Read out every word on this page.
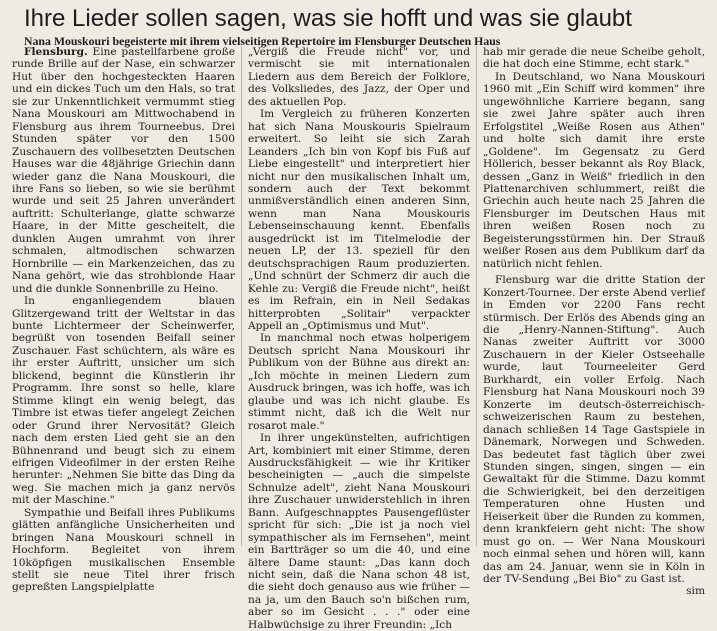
Ihre Lieder sollen sagen, was sie hofft und was sie glaubt
Nana Mouskouri begeisterte mit ihrem vielseitigen Repertoire im Flensburger Deutschen Haus

Flensburg. Eine pastellfarbene große runde Brille auf der Nase, ein schwarzer Hut über den hochgesteckten Haaren und ein dickes Tuch um den Hals, so trat sie zur Unkenntlichkeit vermummt stieg Nana Mouskouri am Mittwochabend in Flensburg aus ihrem Tourneebus. Drei Stunden später vor den 1500 Zuschauern des vollbesetzten Deutschen Hauses war die 48jährige Griechin dann wieder ganz die Nana Mouskouri, die ihre Fans so lieben, so wie sie berühmt wurde und seit 25 Jahren unverändert auftritt: Schulterlange, glatte schwarze Haare, in der Mitte gescheitelt, die dunklen Augen umrahmt von ihrer schmalen, altmodischen schwarzen Hornbrille — ein Markenzeichen, das zu Nana gehört, wie das strohblonde Haar und die dunkle Sonnenbrille zu Heino.

In enganliegendem blauen Glitzergewand tritt der Weltstar in das bunte Lichtermeer der Scheinwerfer, begrüßt von tosenden Beifall seiner Zuschauer. Fast schüchtern, als wäre es ihr erster Auftritt, unsicher um sich blickend, beginnt die Künstlerin ihr Programm. Ihre sonst so helle, klare Stimme klingt ein wenig belegt, das Timbre ist etwas tiefer angelegt Zeichen oder Grund ihrer Nervosität? Gleich nach dem ersten Lied geht sie an den Bühnenrand und beugt sich zu einem eifrigen Videofilmer in der ersten Reihe herunter: „Nehmen Sie bitte das Ding da weg. Sie machen mich ja ganz nervös mit der Maschine."

Sympathie und Beifall ihres Publikums glätten anfängliche Unsicherheiten und bringen Nana Mouskouri schnell in Hochform. Begleitet von ihrem 10köpfigen musikalischen Ensemble stellt sie neue Titel ihrer frisch gepreßten Langspielplatte

„Vergiß die Freude nicht" vor, und vermischt sie mit internationalen Liedern aus dem Bereich der Folklore, des Volksliedes, des Jazz, der Oper und des aktuellen Pop.

Im Vergleich zu früheren Konzerten hat sich Nana Mouskouris Spielraum erweitert. So leiht sie sich Zarah Leanders „Ich bin von Kopf bis Fuß auf Liebe eingestellt" und interpretiert hier nicht nur den musikalischen Inhalt um, sondern auch der Text bekommt unmißverständlich einen anderen Sinn, wenn man Nana Mouskouris Lebenseinschauung kennt. Ebenfalls ausgedrückt ist im Titelmelodie der neuen LP, der 13. speziell für den deutschsprachigen Raum produzierten. „Und schnürt der Schmerz dir auch die Kehle zu: Vergiß die Freude nicht", heißt es im Refrain, ein in Neil Sedakas hitterprobten „Solitair" verpackter Appell an „Optimismus und Mut".

In manchmal noch etwas holperigem Deutsch spricht Nana Mouskouri ihr Publikum von der Bühne aus direkt an: „Ich möchte in meinen Liedern zum Ausdruck bringen, was ich hoffe, was ich glaube und was ich nicht glaube. Es stimmt nicht, daß ich die Welt nur rosarot male."

In ihrer ungekünstelten, aufrichtigen Art, kombiniert mit einer Stimme, deren Ausdrucksfähigkeit — wie ihr Kritiker bescheinigten — „auch die simpelste Schnulze adelt", zieht Nana Mouskouri ihre Zuschauer unwiderstehlich in ihren Bann. Aufgeschnapptes Pausengeflüster spricht für sich: „Die ist ja noch viel sympathischer als im Fernsehen", meint ein Bartträger so um die 40, und eine ältere Dame staunt: „Das kann doch nicht sein, daß die Nana schon 48 ist, die sieht doch genauso aus wie früher — na ja, um den Bauch so'n bißchen rum, aber so im Gesicht . . ." oder eine Halbwüchsige zu ihrer Freundin: „Ich

hab mir gerade die neue Scheibe geholt, die hat doch eine Stimme, echt stark."

In Deutschland, wo Nana Mouskouri 1960 mit „Ein Schiff wird kommen" ihre ungewöhnliche Karriere begann, sang sie zwei Jahre später auch ihren Erfolgstitel „Weiße Rosen aus Athen" und holte sich damit ihre erste „Goldene". Im Gegensatz zu Gerd Höllerich, besser bekannt als Roy Black, dessen „Ganz in Weiß" friedlich in den Plattenarchiven schlummert, reißt die Griechin auch heute nach 25 Jahren die Flensburger im Deutschen Haus mit ihren weißen Rosen noch zu Begeisterungsstürmen hin. Der Strauß weißer Rosen aus dem Publikum darf da natürlich nicht fehlen.

Flensburg war die dritte Station der Konzert-Tournee. Der erste Abend verlief in Emden vor 2200 Fans recht stürmisch. Der Erlös des Abends ging an die „Henry-Nannen-Stiftung". Auch Nanas zweiter Auftritt vor 3000 Zuschauern in der Kieler Ostseehalle wurde, laut Tourneeleiter Gerd Burkhardt, ein voller Erfolg. Nach Flensburg hat Nana Mouskouri noch 39 Konzerte im deutsch-österreichisch-schweizerischen Raum zu bestehen, danach schließen 14 Tage Gastspiele in Dänemark, Norwegen und Schweden. Das bedeutet fast täglich über zwei Stunden singen, singen, singen — ein Gewaltakt für die Stimme. Dazu kommt die Schwierigkeit, bei den derzeitigen Temperaturen ohne Husten und Heiserkeit über die Runden zu kommen, denn krankfeiern geht nicht: The show must go on. — Wer Nana Mouskouri noch einmal sehen und hören will, kann das am 24. Januar, wenn sie in Köln in der TV-Sendung „Bei Bio" zu Gast ist.
sim
